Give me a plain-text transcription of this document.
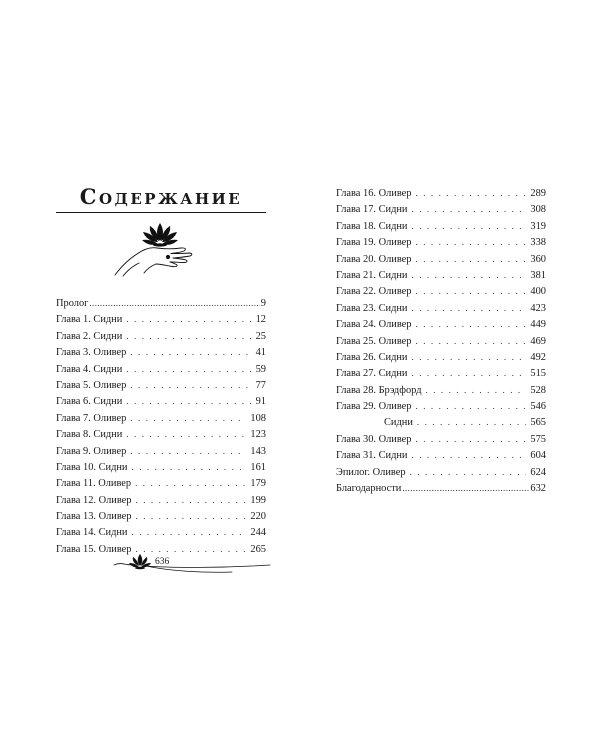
Содержание
Пролог .....	9
Глава 1. Сидни . . .	12
Глава 2. Сидни . . .	25
Глава 3. Оливер . . .	41
Глава 4. Сидни . . .	59
Глава 5. Оливер . . .	77
Глава 6. Сидни . . .	91
Глава 7. Оливер . . .	108
Глава 8. Сидни . . .	123
Глава 9. Оливер . . .	143
Глава 10. Сидни . . .	161
Глава 11. Оливер . . .	179
Глава 12. Оливер . . .	199
Глава 13. Оливер . . .	220
Глава 14. Сидни . . .	244
Глава 15. Оливер . . .	265
Глава 16. Оливер . . .	289
Глава 17. Сидни . . .	308
Глава 18. Сидни . . .	319
Глава 19. Оливер . . .	338
Глава 20. Оливер . . .	360
Глава 21. Сидни . . .	381
Глава 22. Оливер . . .	400
Глава 23. Сидни . . .	423
Глава 24. Оливер . . .	449
Глава 25. Оливер . . .	469
Глава 26. Сидни . . .	492
Глава 27. Сидни . . .	515
Глава 28. Брэдфорд . . .	528
Глава 29. Оливер . . .	546
Сидни . . .	565
Глава 30. Оливер . . .	575
Глава 31. Сидни . . .	604
Эпилог. Оливер . . .	624
Благодарности .....	632
636
